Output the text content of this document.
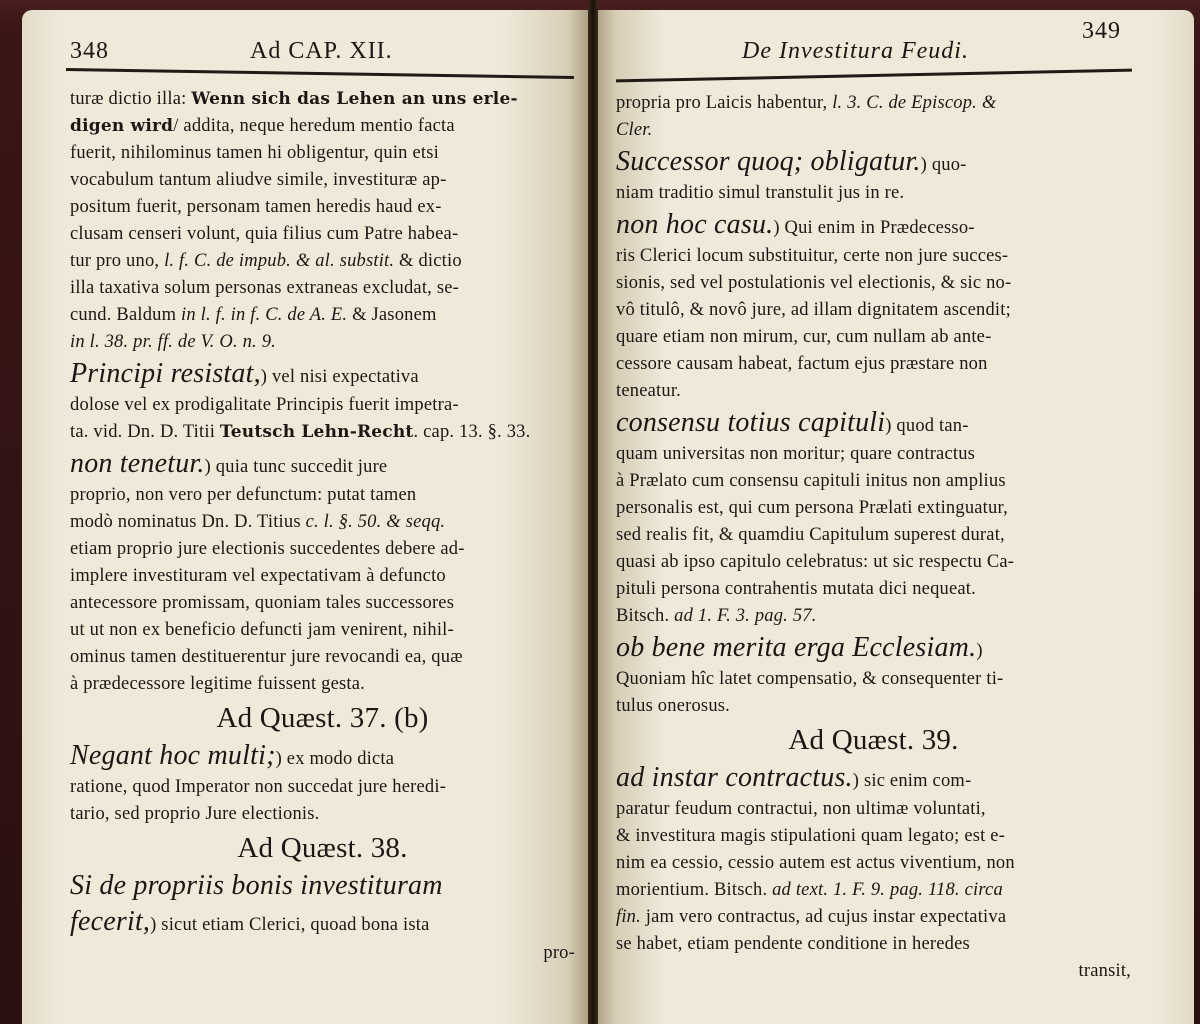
348	Ad CAP. XII.
turæ dictio illa: Wenn sich das Lehen an uns erle-
digen wird/ addita, neque heredum mentio facta
fuerit, nihilominus tamen hi obligentur, quin etsi
vocabulum tantum aliudve simile, investituræ ap-
positum fuerit, personam tamen heredis haud ex-
clusam censeri volunt, quia filius cum Patre habea-
tur pro uno, l. f. C. de impub. & al. substit. & dictio
illa taxativa solum personas extraneas excludat, se-
cund. Baldum in l. f. in f. C. de A. E. & Jasonem
in l. 38. pr. ff. de V. O. n. 9.
Principi resistat,) vel nisi expectativa
dolose vel ex prodigalitate Principis fuerit impetra-
ta. vid. Dn. D. Titii Teutsch Lehn-Recht. cap. 13. §. 33.
non tenetur.) quia tunc succedit jure
proprio, non vero per defunctum: putat tamen
modò nominatus Dn. D. Titius c. l. §. 50. & seqq.
etiam proprio jure electionis succedentes debere ad-
implere investituram vel expectativam à defuncto
antecessore promissam, quoniam tales successores
ut ut non ex beneficio defuncti jam venirent, nihil-
ominus tamen destituerentur jure revocandi ea, quæ
à prædecessore legitime fuissent gesta.
Ad Quæst. 37. (b)
Negant hoc multi;) ex modo dicta
ratione, quod Imperator non succedat jure heredi-
tario, sed proprio Jure electionis.
Ad Quæst. 38.
Si de propriis bonis investituram
fecerit,) sicut etiam Clerici, quoad bona ista
pro-
De Investitura Feudi.
349
propria pro Laicis habentur, l. 3. C. de Episcop. &
Cler.
Successor quoq; obligatur.) quo-
niam traditio simul transtulit jus in re.
non hoc casu.) Qui enim in Prædecesso-
ris Clerici locum substituitur, certe non jure succes-
sionis, sed vel postulationis vel electionis, & sic no-
vô titulô, & novô jure, ad illam dignitatem ascendit;
quare etiam non mirum, cur, cum nullam ab ante-
cessore causam habeat, factum ejus præstare non
teneatur.
consensu totius capituli) quod tan-
quam universitas non moritur; quare contractus
à Prælato cum consensu capituli initus non amplius
personalis est, qui cum persona Prælati extinguatur,
sed realis fit, & quamdiu Capitulum superest durat,
quasi ab ipso capitulo celebratus: ut sic respectu Ca-
pituli persona contrahentis mutata dici nequeat.
Bitsch. ad 1. F. 3. pag. 57.
ob bene merita erga Ecclesiam.)
Quoniam hîc latet compensatio, & consequenter ti-
tulus onerosus.
Ad Quæst. 39.
ad instar contractus.) sic enim com-
paratur feudum contractui, non ultimæ voluntati,
& investitura magis stipulationi quam legato; est e-
nim ea cessio, cessio autem est actus viventium, non
morientium. Bitsch. ad text. 1. F. 9. pag. 118. circa
fin. jam vero contractus, ad cujus instar expectativa
se habet, etiam pendente conditione in heredes
transit,
